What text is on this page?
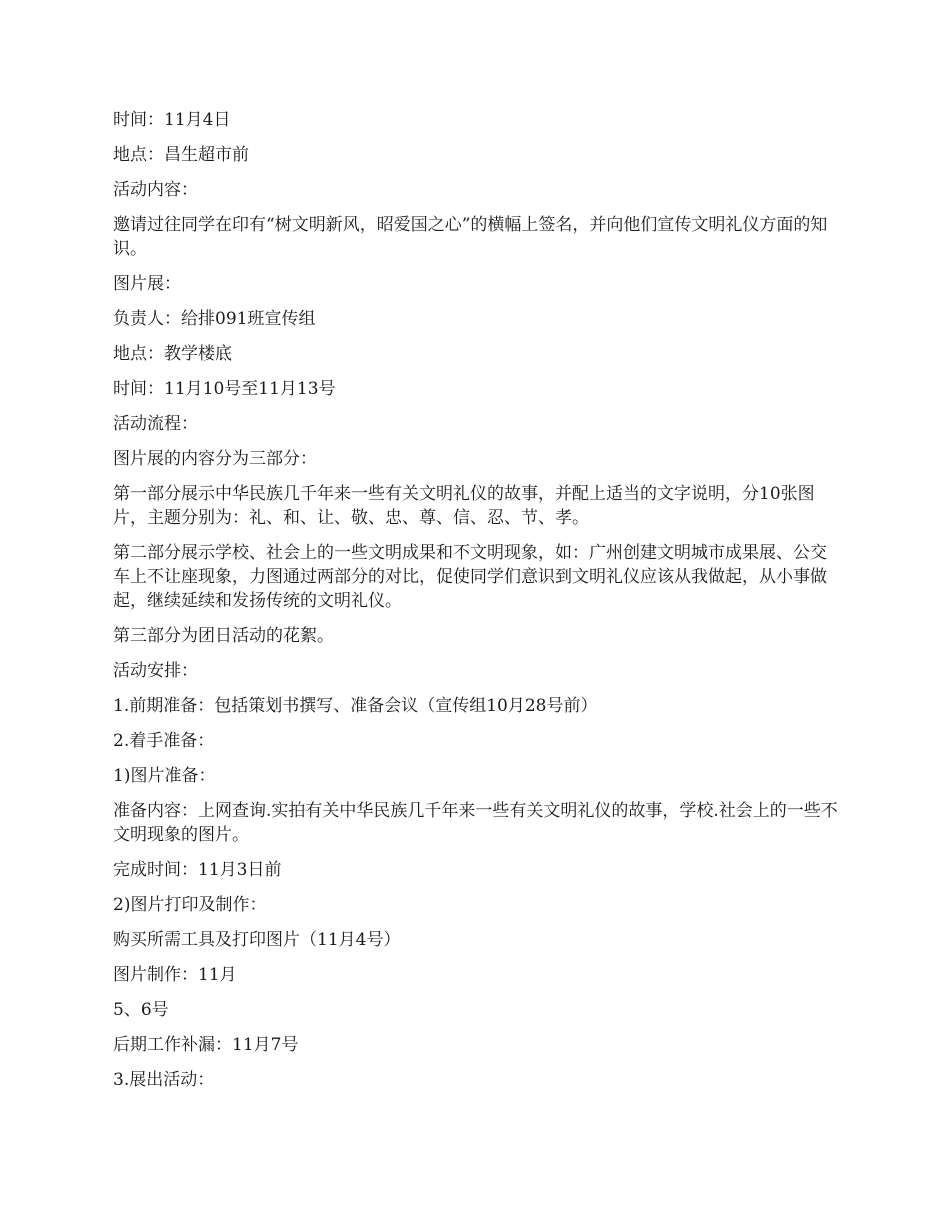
时间：11月4日

地点：昌生超市前

活动内容：

邀请过往同学在印有“树文明新风，昭爱国之心”的横幅上签名，并向他们宣传文明礼仪方面的知识。

图片展：

负责人：给排091班宣传组

地点：教学楼底

时间：11月10号至11月13号

活动流程：

图片展的内容分为三部分：

第一部分展示中华民族几千年来一些有关文明礼仪的故事，并配上适当的文字说明，分10张图片，主题分别为：礼、和、让、敬、忠、尊、信、忍、节、孝。

第二部分展示学校、社会上的一些文明成果和不文明现象，如：广州创建文明城市成果展、公交车上不让座现象，力图通过两部分的对比，促使同学们意识到文明礼仪应该从我做起，从小事做起，继续延续和发扬传统的文明礼仪。

第三部分为团日活动的花絮。

活动安排：

1.前期准备：包括策划书撰写、准备会议（宣传组10月28号前）

2.着手准备：

1)图片准备：

准备内容：上网查询.实拍有关中华民族几千年来一些有关文明礼仪的故事，学校.社会上的一些不文明现象的图片。

完成时间：11月3日前

2)图片打印及制作：

购买所需工具及打印图片（11月4号）

图片制作：11月

5、6号

后期工作补漏：11月7号

3.展出活动：
